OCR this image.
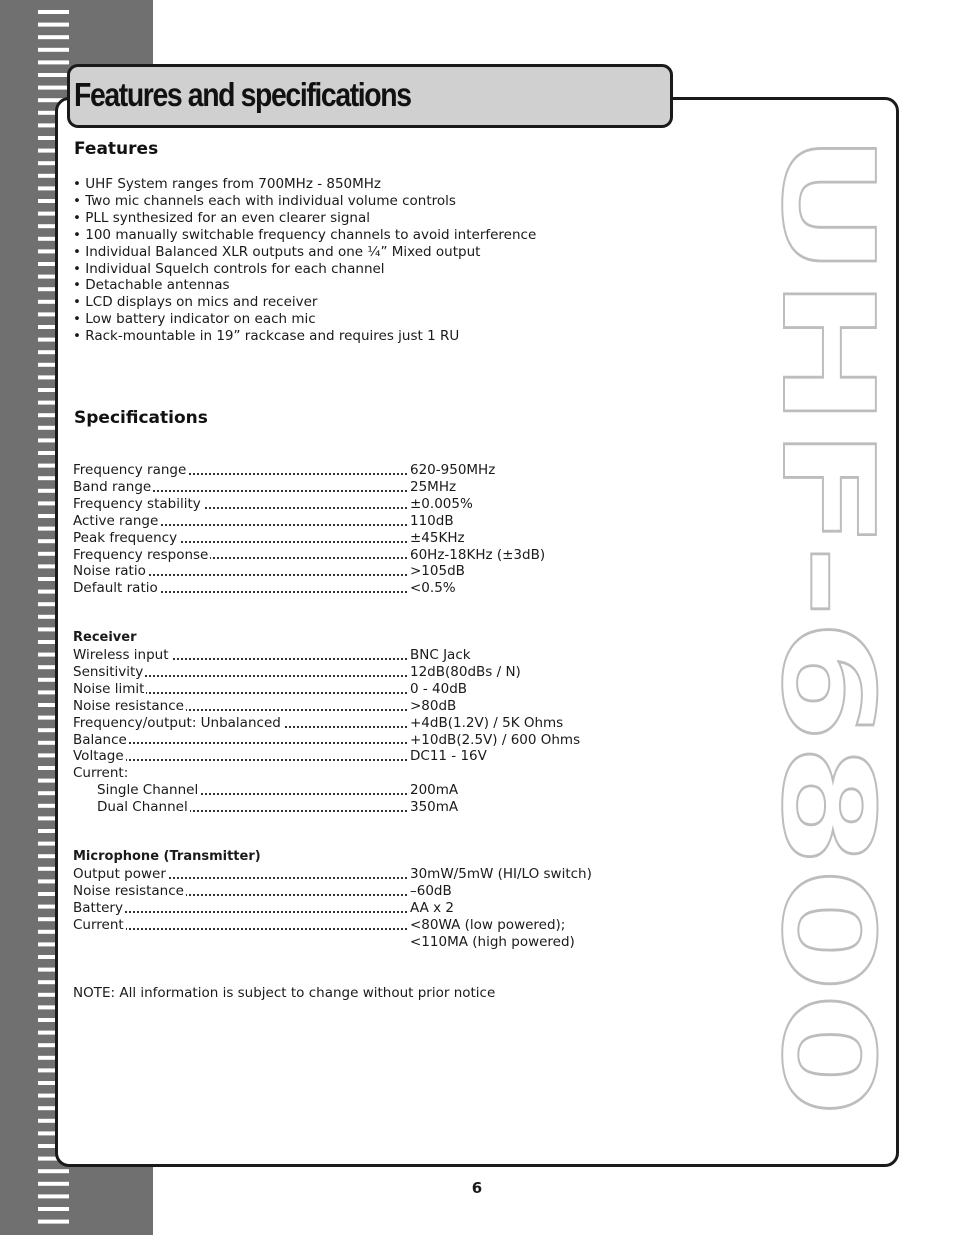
Features and specifications
UHF-6800
Features
• UHF System ranges from 700MHz - 850MHz
• Two mic channels each with individual volume controls
• PLL synthesized for an even clearer signal
• 100 manually switchable frequency channels to avoid interference
• Individual Balanced XLR outputs and one ¼” Mixed output
• Individual Squelch controls for each channel
• Detachable antennas
• LCD displays on mics and receiver
• Low battery indicator on each mic
• Rack-mountable in 19” rackcase and requires just 1 RU
Specifications
Frequency range	620-950MHz
Band range	25MHz
Frequency stability	±0.005%
Active range	110dB
Peak frequency	±45KHz
Frequency response	60Hz-18KHz (±3dB)
Noise ratio	>105dB
Default ratio	<0.5%
Receiver
Wireless input	BNC Jack
Sensitivity	12dB(80dBs / N)
Noise limit	0 - 40dB
Noise resistance	>80dB
Frequency/output: Unbalanced	+4dB(1.2V) / 5K Ohms
Balance	+10dB(2.5V) / 600 Ohms
Voltage	DC11 - 16V
Current:
Single Channel	200mA
Dual Channel	350mA
Microphone (Transmitter)
Output power	30mW/5mW (HI/LO switch)
Noise resistance	–60dB
Battery	AA x 2
Current	<80WA (low powered);
<110MA (high powered)

NOTE: All information is subject to change without prior notice

6
